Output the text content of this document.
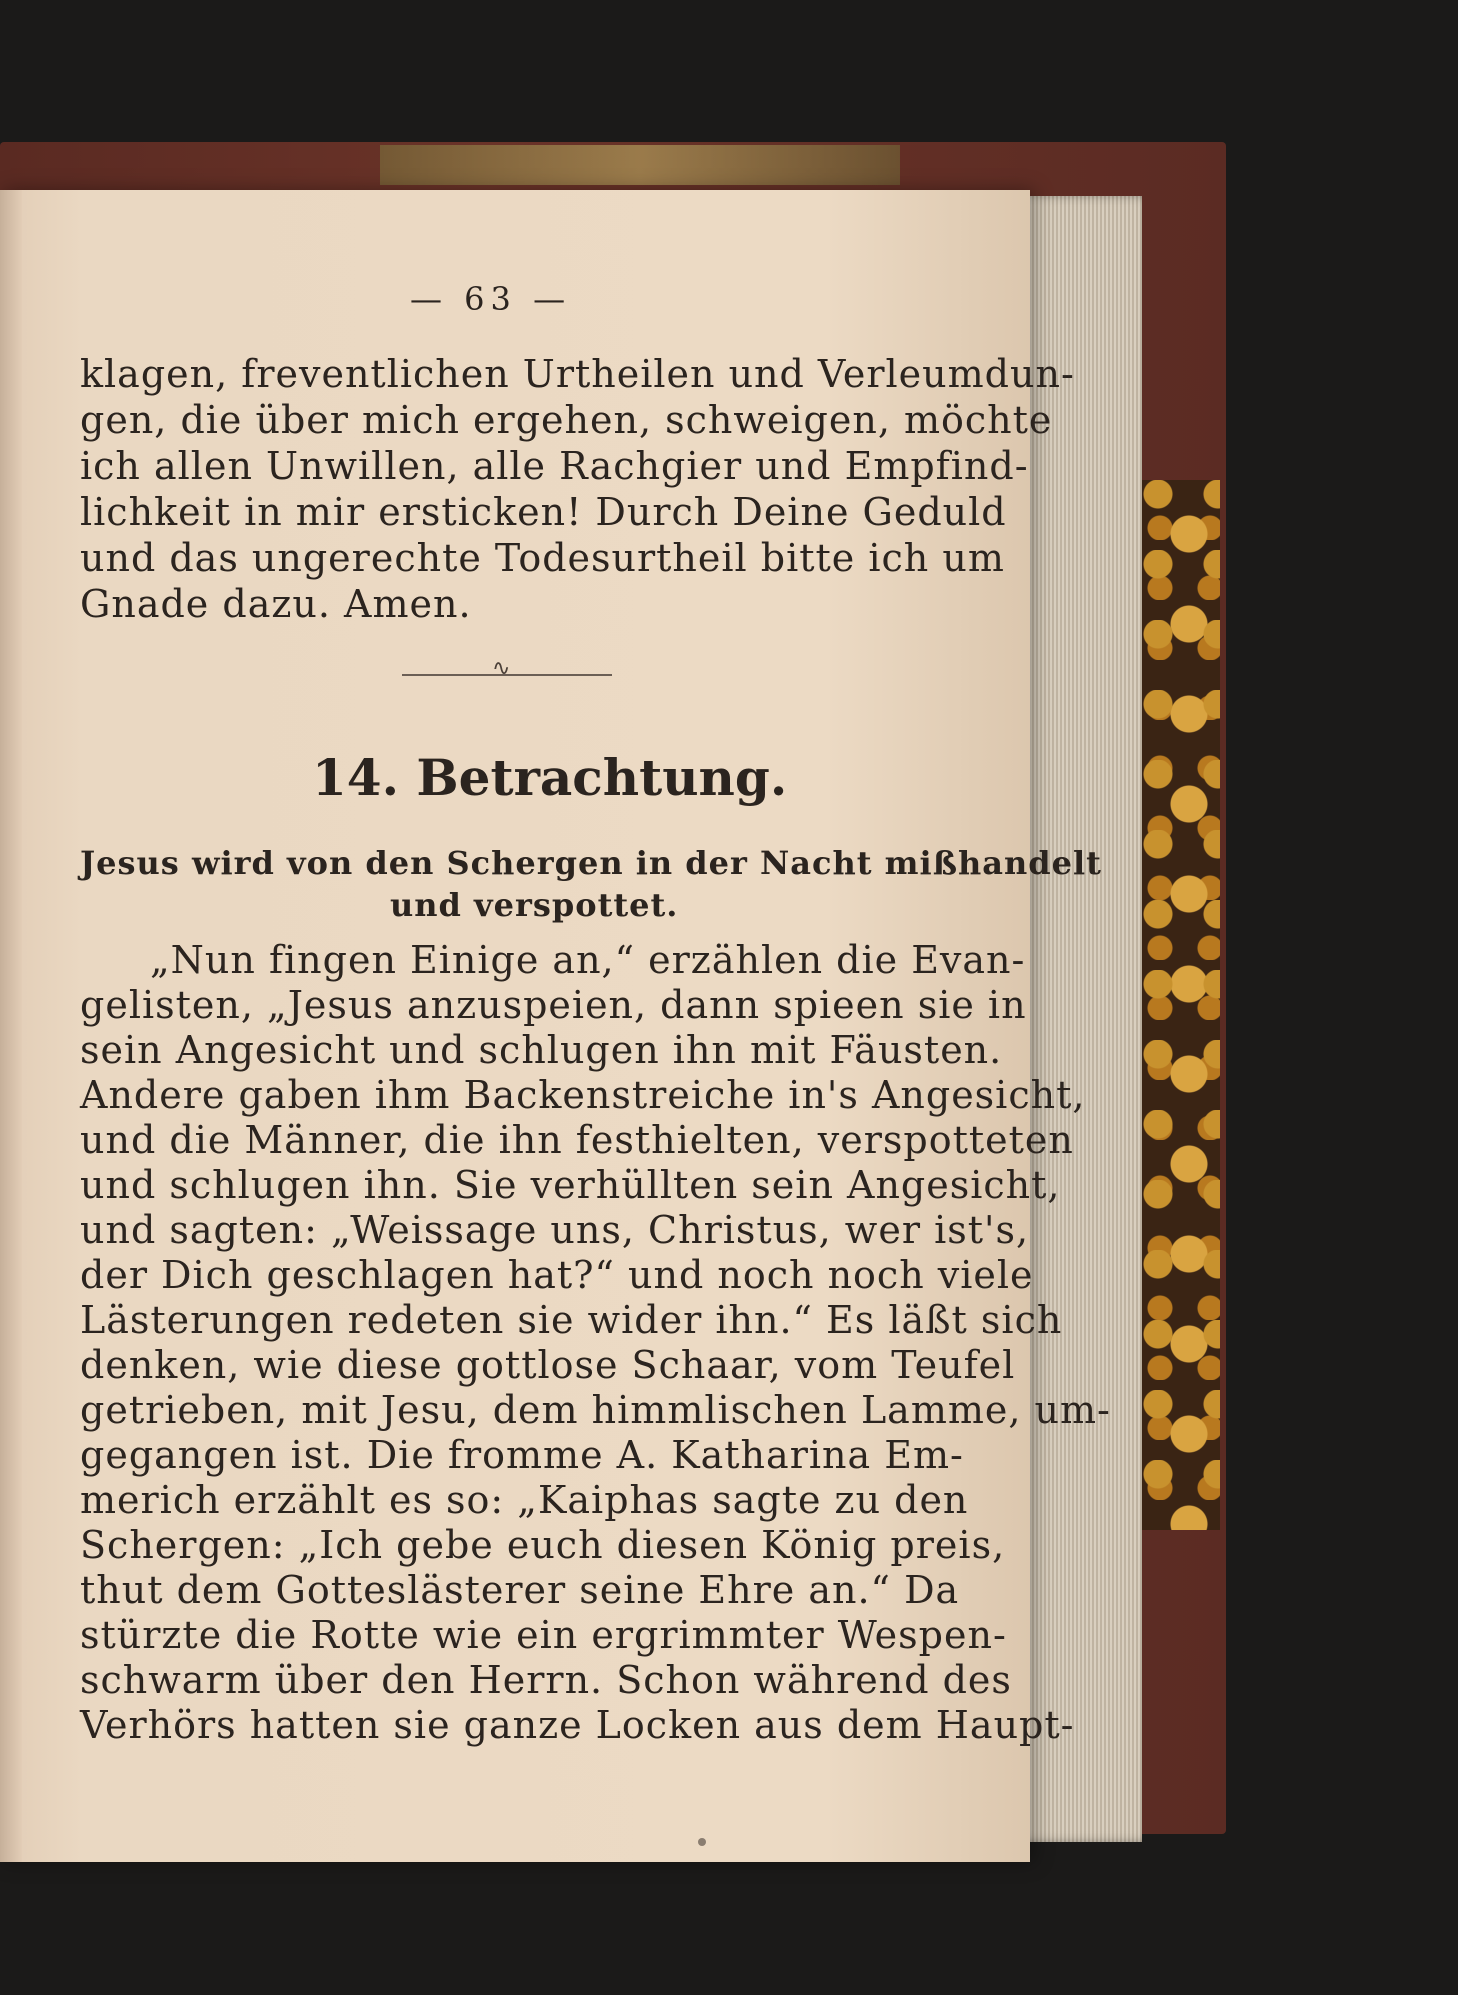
— 63 —
klagen, freventlichen Urtheilen und Verleumdun-
gen, die über mich ergehen, schweigen, möchte
ich allen Unwillen, alle Rachgier und Empfind-
lichkeit in mir ersticken! Durch Deine Geduld
und das ungerechte Todesurtheil bitte ich um
Gnade dazu. Amen.
∿
14. Betrachtung.
Jesus wird von den Schergen in der Nacht mißhandelt
und verspottet.
„Nun fingen Einige an,“ erzählen die Evan-
gelisten, „Jesus anzuspeien, dann spieen sie in
sein Angesicht und schlugen ihn mit Fäusten.
Andere gaben ihm Backenstreiche in's Angesicht,
und die Männer, die ihn festhielten, verspotteten
und schlugen ihn. Sie verhüllten sein Angesicht,
und sagten: „Weissage uns, Christus, wer ist's,
der Dich geschlagen hat?“ und noch noch viele
Lästerungen redeten sie wider ihn.“ Es läßt sich
denken, wie diese gottlose Schaar, vom Teufel
getrieben, mit Jesu, dem himmlischen Lamme, um-
gegangen ist. Die fromme A. Katharina Em-
merich erzählt es so: „Kaiphas sagte zu den
Schergen: „Ich gebe euch diesen König preis,
thut dem Gotteslästerer seine Ehre an.“ Da
stürzte die Rotte wie ein ergrimmter Wespen-
schwarm über den Herrn. Schon während des
Verhörs hatten sie ganze Locken aus dem Haupt-
